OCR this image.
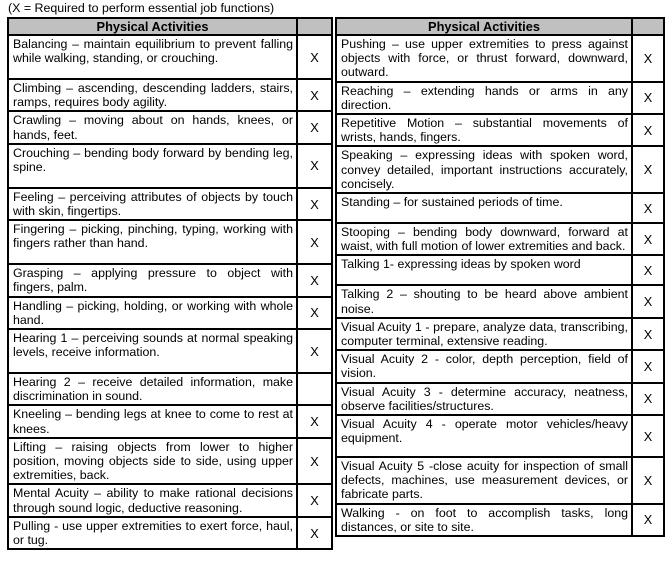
(X = Required to perform essential job functions)
Physical Activities	
Balancing – maintain equilibrium to prevent falling while walking, standing, or crouching.	X
Climbing – ascending, descending ladders, stairs, ramps, requires body agility.	X
Crawling – moving about on hands, knees, or hands, feet.	X
Crouching – bending body forward by bending leg, spine.	X
Feeling – perceiving attributes of objects by touch with skin, fingertips.	X
Fingering – picking, pinching, typing, working with fingers rather than hand.	X
Grasping – applying pressure to object with fingers, palm.	X
Handling – picking, holding, or working with whole hand.	X
Hearing 1 – perceiving sounds at normal speaking levels, receive information.	X
Hearing 2 – receive detailed information, make discrimination in sound.	
Kneeling – bending legs at knee to come to rest at knees.	X
Lifting – raising objects from lower to higher position, moving objects side to side, using upper extremities, back.	X
Mental Acuity – ability to make rational decisions through sound logic, deductive reasoning.	X
Pulling - use upper extremities to exert force, haul, or tug.	X
Physical Activities	
Pushing – use upper extremities to press against objects with force, or thrust forward, downward, outward.	X
Reaching – extending hands or arms in any direction.	X
Repetitive Motion – substantial movements of wrists, hands, fingers.	X
Speaking – expressing ideas with spoken word, convey detailed, important instructions accurately, concisely.	X
Standing – for sustained periods of time.	X
Stooping – bending body downward, forward at waist, with full motion of lower extremities and back.	X
Talking 1- expressing ideas by spoken word	X
Talking 2 – shouting to be heard above ambient noise.	X
Visual Acuity 1 - prepare, analyze data, transcribing, computer terminal, extensive reading.	X
Visual Acuity 2 - color, depth perception, field of vision.	X
Visual Acuity 3 - determine accuracy, neatness, observe facilities/structures.	X
Visual Acuity 4 - operate motor vehicles/heavy equipment.	X
Visual Acuity 5 -close acuity for inspection of small defects, machines, use measurement devices, or fabricate parts.	X
Walking - on foot to accomplish tasks, long distances, or site to site.	X
